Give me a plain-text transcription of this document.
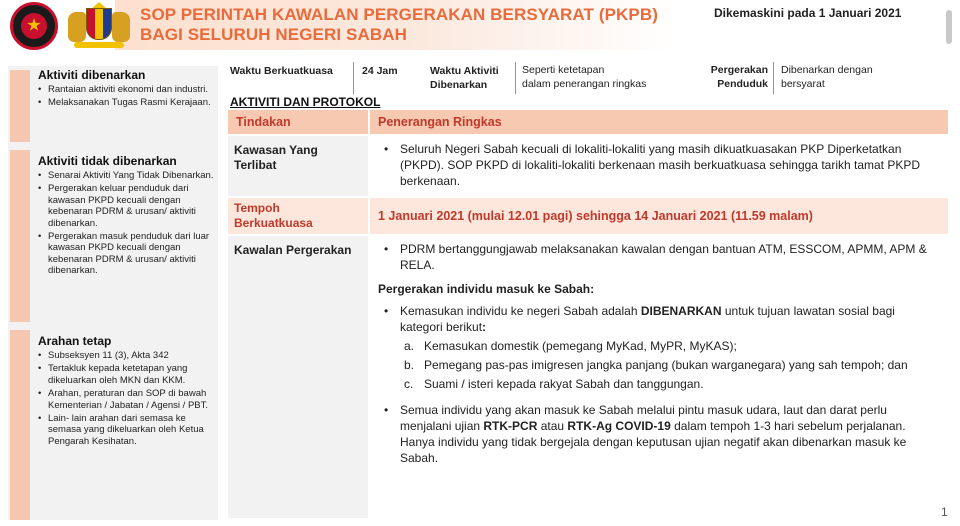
SOP PERINTAH KAWALAN PERGERAKAN BERSYARAT (PKPB)
BAGI SELURUH NEGERI SABAH
Dikemaskini pada 1 Januari 2021
Aktiviti dibenarkan
• Rantaian aktiviti ekonomi dan industri.
• Melaksanakan Tugas Rasmi Kerajaan.
Aktiviti tidak dibenarkan
• Senarai Aktiviti Yang Tidak Dibenarkan.
• Pergerakan keluar penduduk dari kawasan PKPD kecuali dengan kebenaran PDRM & urusan/ aktiviti dibenarkan.
• Pergerakan masuk penduduk dari luar kawasan PKPD kecuali dengan kebenaran PDRM & urusan/ aktiviti dibenarkan.
Arahan tetap
• Subseksyen 11 (3), Akta 342
• Tertakluk kepada ketetapan yang dikeluarkan oleh MKN dan KKM.
• Arahan, peraturan dan SOP di bawah Kementerian / Jabatan / Agensi / PBT.
• Lain- lain arahan dari semasa ke semasa yang dikeluarkan oleh Ketua Pengarah Kesihatan.
Waktu Berkuatkuasa	24 Jam	Waktu Aktiviti
Dibenarkan
Seperti ketetapan
dalam penerangan ringkas
Pergerakan
Penduduk
Dibenarkan dengan
bersyarat
AKTIVITI DAN PROTOKOL
Tindakan	Penerangan Ringkas
Kawasan Yang
Terlibat
• Seluruh Negeri Sabah kecuali di lokaliti-lokaliti yang masih dikuatkuasakan PKP Diperketatkan (PKPD). SOP PKPD di lokaliti-lokaliti berkenaan masih berkuatkuasa sehingga tarikh tamat PKPD berkenaan.
Tempoh
Berkuatkuasa	1 Januari 2021 (mulai 12.01 pagi) sehingga 14 Januari 2021 (11.59 malam)
Kawalan Pergerakan
•	PDRM bertanggungjawab melaksanakan kawalan dengan bantuan ATM, ESSCOM, APMM, APM & RELA.
Pergerakan individu masuk ke Sabah:
• Kemasukan individu ke negeri Sabah adalah DIBENARKAN untuk tujuan lawatan sosial bagi kategori berikut:
a. Kemasukan domestik (pemegang MyKad, MyPR, MyKAS);
b. Pemegang pas-pas imigresen jangka panjang (bukan warganegara) yang sah tempoh; dan
c. Suami / isteri kepada rakyat Sabah dan tanggungan.
• Semua individu yang akan masuk ke Sabah melalui pintu masuk udara, laut dan darat perlu menjalani ujian RTK-PCR atau RTK-Ag COVID-19 dalam tempoh 1-3 hari sebelum perjalanan. Hanya individu yang tidak bergejala dengan keputusan ujian negatif akan dibenarkan masuk ke Sabah.
1
